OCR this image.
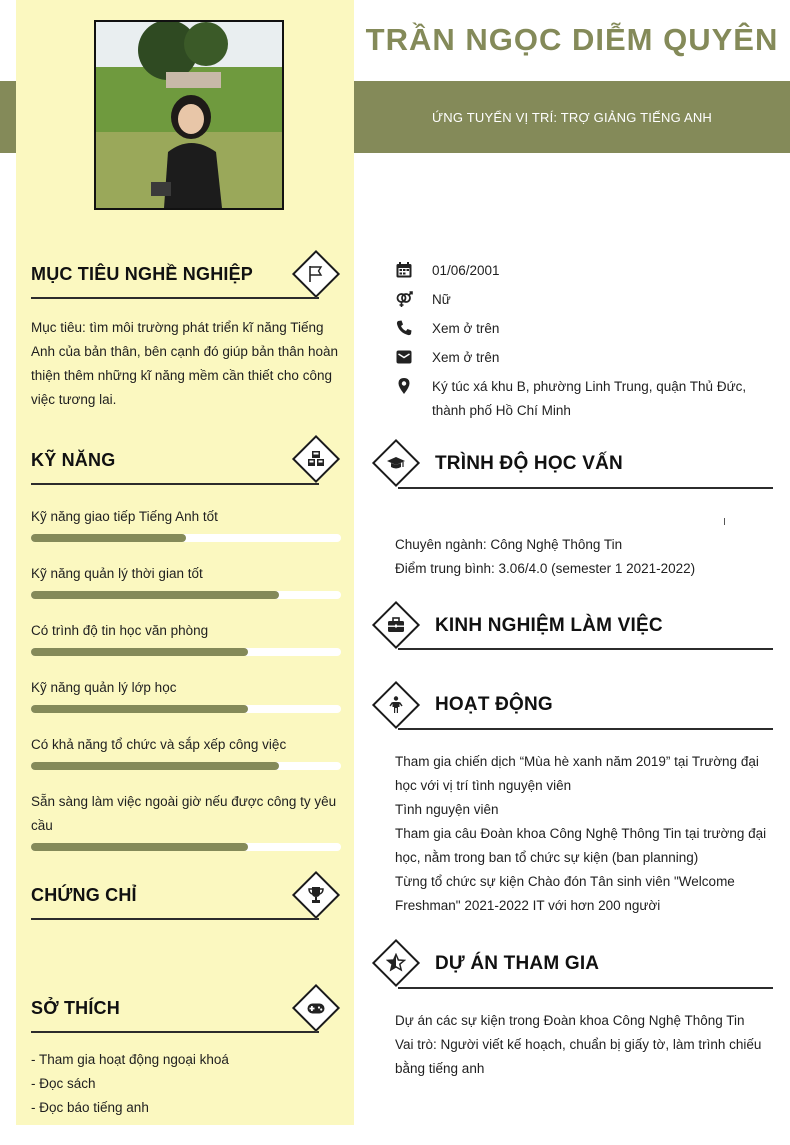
TRẦN NGỌC DIỄM QUYÊN
ỨNG TUYỂN VỊ TRÍ: TRỢ GIẢNG TIẾNG ANH
MỤC TIÊU NGHỀ NGHIỆP
Mục tiêu: tìm môi trường phát triển kĩ năng Tiếng Anh của bản thân, bên cạnh đó giúp bản thân hoàn thiện thêm những kĩ năng mềm cần thiết cho công việc tương lai.
KỸ NĂNG
Kỹ năng giao tiếp Tiếng Anh tốt
Kỹ năng quản lý thời gian tốt
Có trình độ tin học văn phòng
Kỹ năng quản lý lớp học
Có khả năng tổ chức và sắp xếp công việc
Sẵn sàng làm việc ngoài giờ nếu được công ty yêu cầu
CHỨNG CHỈ
SỞ THÍCH
- Tham gia hoạt động ngoại khoá
- Đọc sách
- Đọc báo tiếng anh
01/06/2001
Nữ
Xem ở trên
Xem ở trên
Ký túc xá khu B, phường Linh Trung, quận Thủ Đức, thành phố Hồ Chí Minh
TRÌNH ĐỘ HỌC VẤN
Chuyên ngành: Công Nghệ Thông Tin
Điểm trung bình: 3.06/4.0 (semester 1 2021-2022)
KINH NGHIỆM LÀM VIỆC
HOẠT ĐỘNG
Tham gia chiến dịch “Mùa hè xanh năm 2019” tại Trường đại học với vị trí tình nguyện viên
Tình nguyện viên
Tham gia câu Đoàn khoa Công Nghệ Thông Tin tại trường đại học, nằm trong ban tổ chức sự kiện (ban planning)
Từng tổ chức sự kiện Chào đón Tân sinh viên "Welcome Freshman" 2021-2022 IT với hơn 200 người
DỰ ÁN THAM GIA
Dự án các sự kiện trong Đoàn khoa Công Nghệ Thông Tin
Vai trò: Người viết kế hoạch, chuẩn bị giấy tờ, làm trình chiếu bằng tiếng anh
